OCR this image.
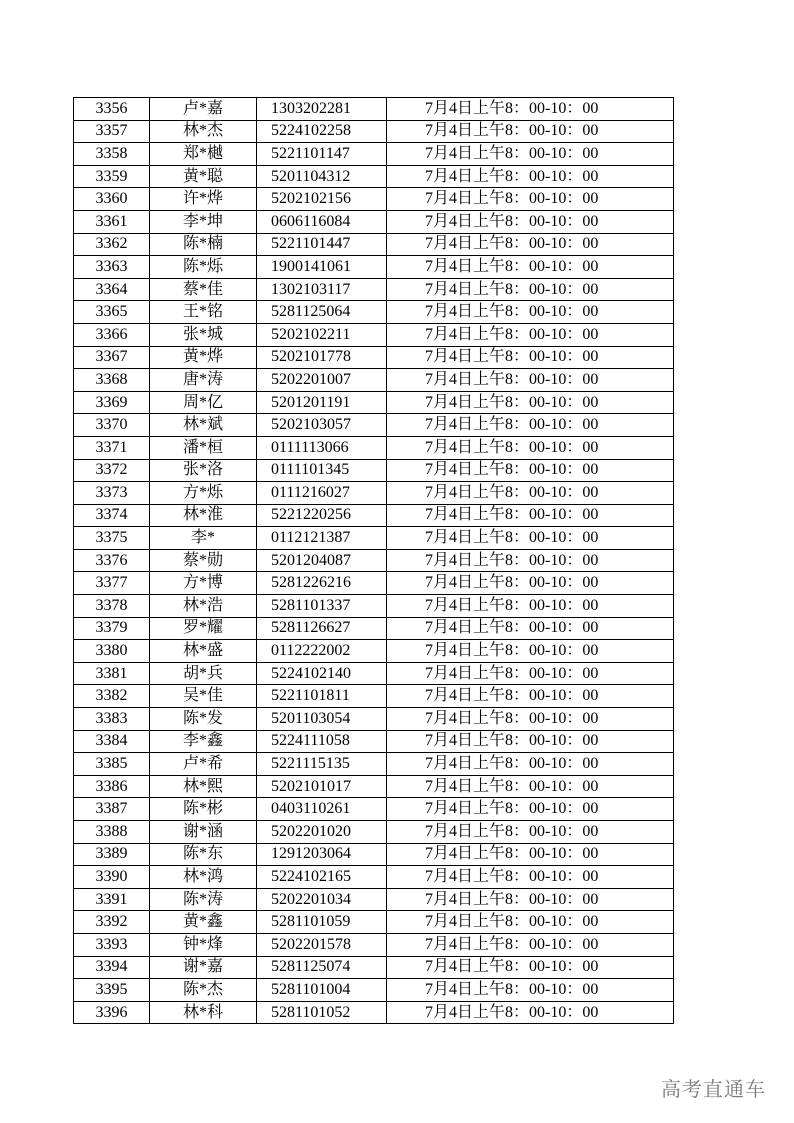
3356	卢*嘉	1303202281	7月4日上午8：00-10：00
3357	林*杰	5224102258	7月4日上午8：00-10：00
3358	郑*樾	5221101147	7月4日上午8：00-10：00
3359	黄*聪	5201104312	7月4日上午8：00-10：00
3360	许*烨	5202102156	7月4日上午8：00-10：00
3361	李*坤	0606116084	7月4日上午8：00-10：00
3362	陈*楠	5221101447	7月4日上午8：00-10：00
3363	陈*烁	1900141061	7月4日上午8：00-10：00
3364	蔡*佳	1302103117	7月4日上午8：00-10：00
3365	王*铭	5281125064	7月4日上午8：00-10：00
3366	张*城	5202102211	7月4日上午8：00-10：00
3367	黄*烨	5202101778	7月4日上午8：00-10：00
3368	唐*涛	5202201007	7月4日上午8：00-10：00
3369	周*亿	5201201191	7月4日上午8：00-10：00
3370	林*斌	5202103057	7月4日上午8：00-10：00
3371	潘*桓	0111113066	7月4日上午8：00-10：00
3372	张*洛	0111101345	7月4日上午8：00-10：00
3373	方*烁	0111216027	7月4日上午8：00-10：00
3374	林*淮	5221220256	7月4日上午8：00-10：00
3375	李*	0112121387	7月4日上午8：00-10：00
3376	蔡*勋	5201204087	7月4日上午8：00-10：00
3377	方*博	5281226216	7月4日上午8：00-10：00
3378	林*浩	5281101337	7月4日上午8：00-10：00
3379	罗*耀	5281126627	7月4日上午8：00-10：00
3380	林*盛	0112222002	7月4日上午8：00-10：00
3381	胡*兵	5224102140	7月4日上午8：00-10：00
3382	吴*佳	5221101811	7月4日上午8：00-10：00
3383	陈*发	5201103054	7月4日上午8：00-10：00
3384	李*鑫	5224111058	7月4日上午8：00-10：00
3385	卢*希	5221115135	7月4日上午8：00-10：00
3386	林*熙	5202101017	7月4日上午8：00-10：00
3387	陈*彬	0403110261	7月4日上午8：00-10：00
3388	谢*涵	5202201020	7月4日上午8：00-10：00
3389	陈*东	1291203064	7月4日上午8：00-10：00
3390	林*鸿	5224102165	7月4日上午8：00-10：00
3391	陈*涛	5202201034	7月4日上午8：00-10：00
3392	黄*鑫	5281101059	7月4日上午8：00-10：00
3393	钟*烽	5202201578	7月4日上午8：00-10：00
3394	谢*嘉	5281125074	7月4日上午8：00-10：00
3395	陈*杰	5281101004	7月4日上午8：00-10：00
3396	林*科	5281101052	7月4日上午8：00-10：00
高考直通车
